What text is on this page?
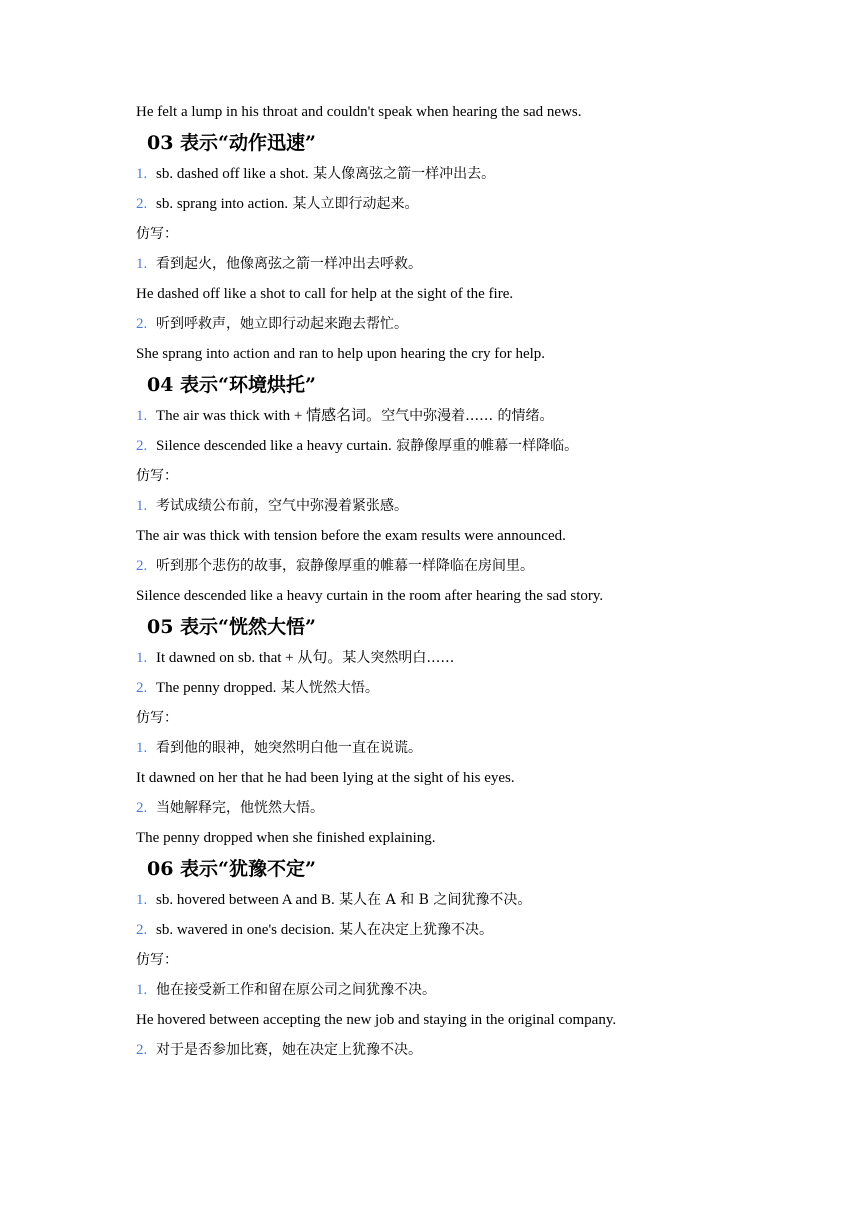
He felt a lump in his throat and couldn't speak when hearing the sad news.

03 表示“动作迅速”

1. sb. dashed off like a shot. 某人像离弦之箭一样冲出去。

2. sb. sprang into action. 某人立即行动起来。

仿写：

1. 看到起火，他像离弦之箭一样冲出去呼救。

He dashed off like a shot to call for help at the sight of the fire.

2. 听到呼救声，她立即行动起来跑去帮忙。

She sprang into action and ran to help upon hearing the cry for help.

04 表示“环境烘托”

1. The air was thick with + 情感名词。空气中弥漫着…… 的情绪。

2. Silence descended like a heavy curtain. 寂静像厚重的帷幕一样降临。

仿写：

1. 考试成绩公布前，空气中弥漫着紧张感。

The air was thick with tension before the exam results were announced.

2. 听到那个悲伤的故事，寂静像厚重的帷幕一样降临在房间里。

Silence descended like a heavy curtain in the room after hearing the sad story.

05 表示“恍然大悟”

1. It dawned on sb. that + 从句。某人突然明白……

2. The penny dropped. 某人恍然大悟。

仿写：

1. 看到他的眼神，她突然明白他一直在说谎。

It dawned on her that he had been lying at the sight of his eyes.

2. 当她解释完，他恍然大悟。

The penny dropped when she finished explaining.

06 表示“犹豫不定”

1. sb. hovered between A and B. 某人在 A 和 B 之间犹豫不决。

2. sb. wavered in one's decision. 某人在决定上犹豫不决。

仿写：

1. 他在接受新工作和留在原公司之间犹豫不决。

He hovered between accepting the new job and staying in the original company.

2. 对于是否参加比赛，她在决定上犹豫不决。
